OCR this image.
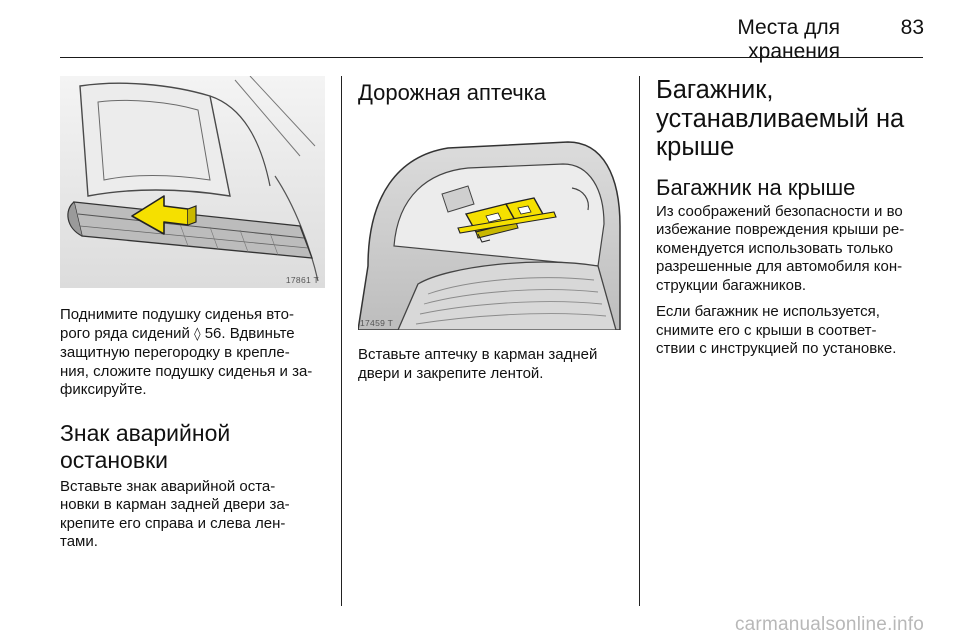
Места для хранения
83
17861 T

Поднимите подушку сиденья вто-
рого ряда сидений ◊ 56. Вдвиньте
защитную перегородку в крепле-
ния, сложите подушку сиденья и за-
фиксируйте.

Знак аварийной
остановки

Вставьте знак аварийной оста-
новки в карман задней двери за-
крепите его справа и слева лен-
тами.

Дорожная аптечка
17459 T

Вставьте аптечку в карман задней
двери и закрепите лентой.

Багажник,
устанавливаемый на
крыше
Багажник на крыше

Из соображений безопасности и во
избежание повреждения крыши ре-
комендуется использовать только
разрешенные для автомобиля кон-
струкции багажников.

Если багажник не используется,
снимите его с крыши в соответ-
ствии с инструкцией по установке.

carmanualsonline.info
